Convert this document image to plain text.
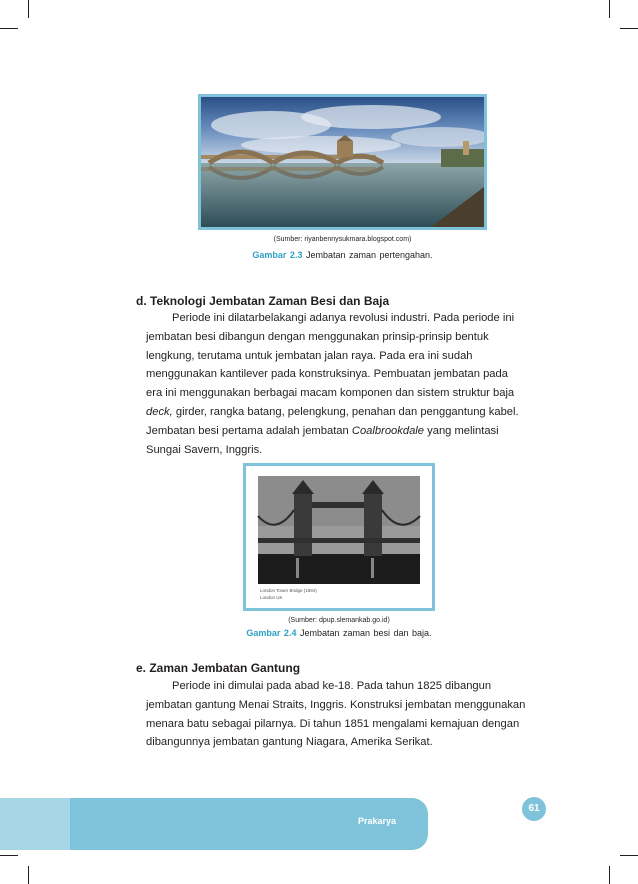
(Sumber: riyanbennysukmara.blogspot.com)
Gambar 2.3 Jembatan zaman pertengahan.
d. Teknologi Jembatan Zaman Besi dan Baja
Periode ini dilatarbelakangi adanya revolusi industri. Pada periode ini
jembatan besi dibangun dengan menggunakan prinsip-prinsip bentuk
lengkung, terutama untuk jembatan jalan raya. Pada era ini sudah
menggunakan kantilever pada konstruksinya. Pembuatan jembatan pada
era ini menggunakan berbagai macam komponen dan sistem struktur baja
deck, girder, rangka batang, pelengkung, penahan dan penggantung kabel.
Jembatan besi pertama adalah jembatan Coalbrookdale yang melintasi
Sungai Savern, Inggris.
London Tower Bridge (1894)
London UK
(Sumber: dpup.slemankab.go.id)
Gambar 2.4 Jembatan zaman besi dan baja.
e. Zaman Jembatan Gantung
Periode ini dimulai pada abad ke-18. Pada tahun 1825 dibangun
jembatan gantung Menai Straits, Inggris. Konstruksi jembatan menggunakan
menara batu sebagai pilarnya. Di tahun 1851 mengalami kemajuan dengan
dibangunnya jembatan gantung Niagara, Amerika Serikat.
Prakarya
61
